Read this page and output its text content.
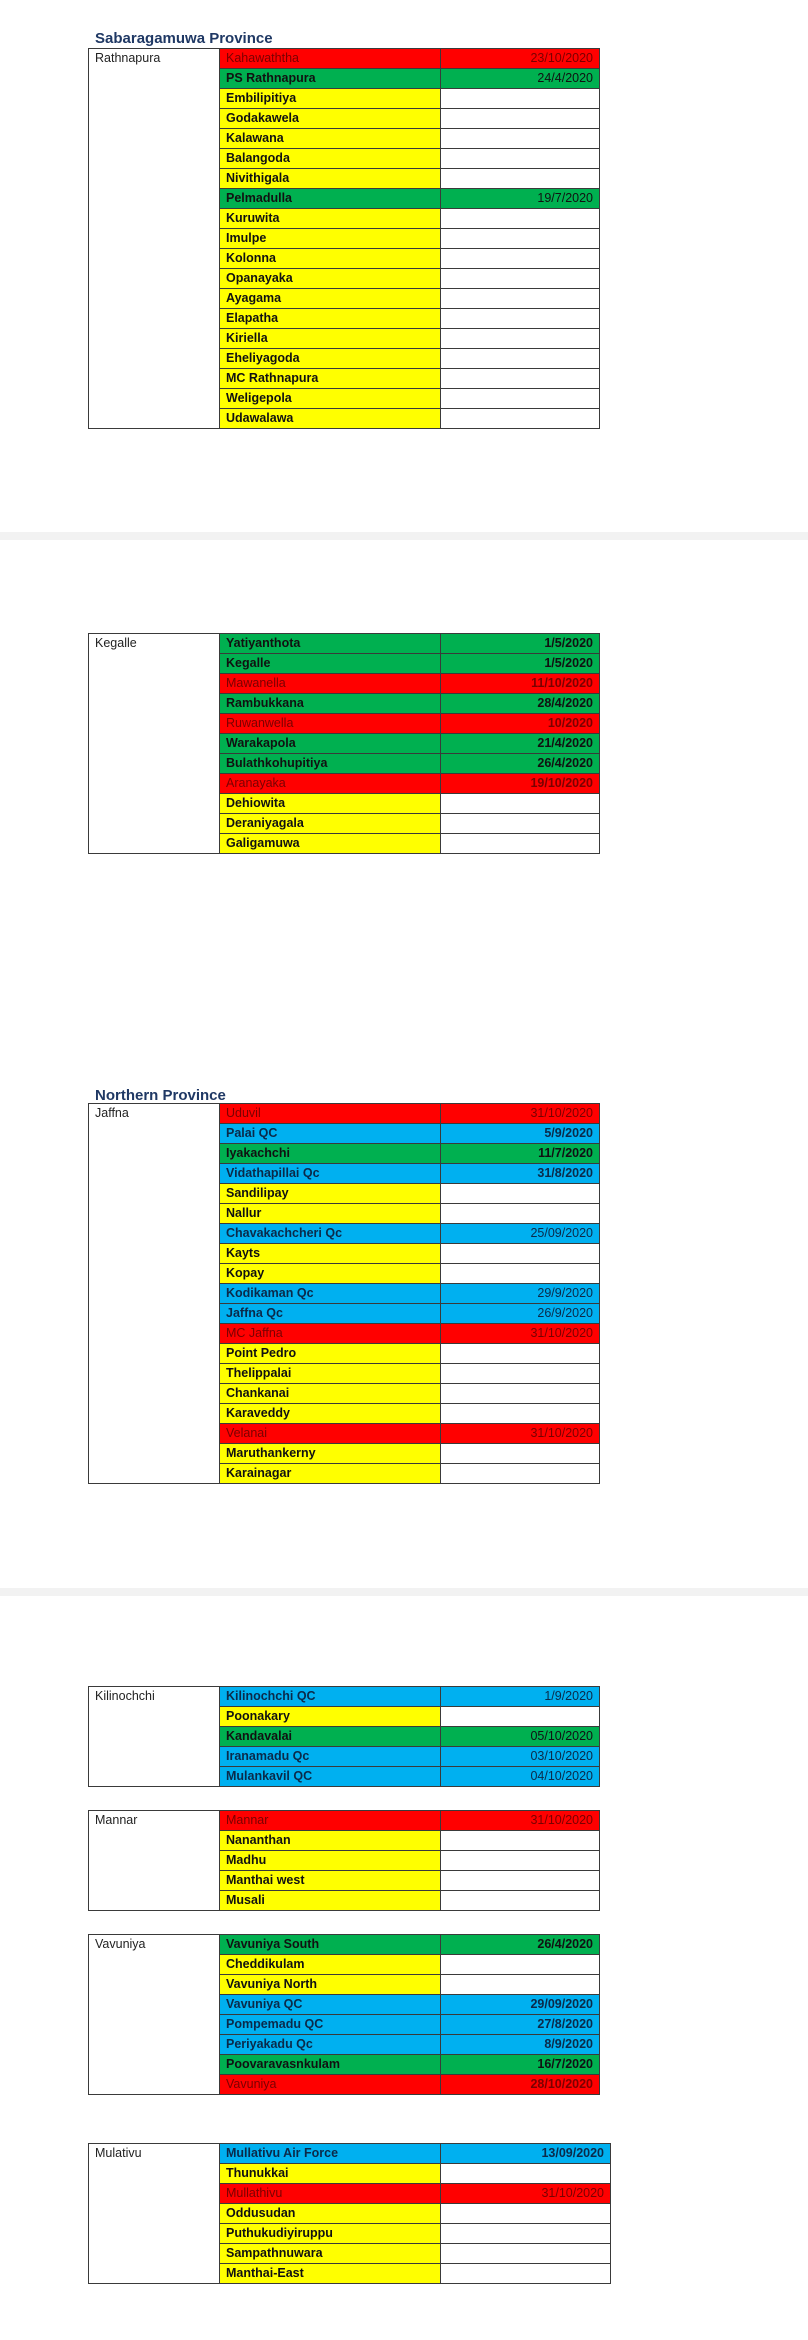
Sabaragamuwa Province
Northern Province
Rathnapura	Kahawaththa	23/10/2020
	PS Rathnapura	24/4/2020
	Embilipitiya	
	Godakawela	
	Kalawana	
	Balangoda	
	Nivithigala	
	Pelmadulla	19/7/2020
	Kuruwita	
	Imulpe	
	Kolonna	
	Opanayaka	
	Ayagama	
	Elapatha	
	Kiriella	
	Eheliyagoda	
	MC Rathnapura	
	Weligepola	
	Udawalawa	
Kegalle	Yatiyanthota	1/5/2020
	Kegalle	1/5/2020
	Mawanella	11/10/2020
	Rambukkana	28/4/2020
	Ruwanwella	10/2020
	Warakapola	21/4/2020
	Bulathkohupitiya	26/4/2020
	Aranayaka	19/10/2020
	Dehiowita	
	Deraniyagala	
	Galigamuwa	
Jaffna	Uduvil	31/10/2020
	Palai QC	5/9/2020
	Iyakachchi	11/7/2020
	Vidathapillai Qc	31/8/2020
	Sandilipay	
	Nallur	
	Chavakachcheri Qc	25/09/2020
	Kayts	
	Kopay	
	Kodikaman Qc	29/9/2020
	Jaffna Qc	26/9/2020
	MC Jaffna	31/10/2020
	Point Pedro	
	Thelippalai	
	Chankanai	
	Karaveddy	
	Velanai	31/10/2020
	Maruthankerny	
	Karainagar	
Kilinochchi	Kilinochchi QC	1/9/2020
	Poonakary	
	Kandavalai	05/10/2020
	Iranamadu Qc	03/10/2020
	Mulankavil QC	04/10/2020
Mannar	Mannar	31/10/2020
	Nananthan	
	Madhu	
	Manthai west	
	Musali	
Vavuniya	Vavuniya South	26/4/2020
	Cheddikulam	
	Vavuniya North	
	Vavuniya QC	29/09/2020
	Pompemadu QC	27/8/2020
	Periyakadu Qc	8/9/2020
	Poovaravasnkulam	16/7/2020
	Vavuniya	28/10/2020
Mulativu	Mullativu Air Force	13/09/2020
	Thunukkai	
	Mullathivu	31/10/2020
	Oddusudan	
	Puthukudiyiruppu	
	Sampathnuwara	
	Manthai-East	
